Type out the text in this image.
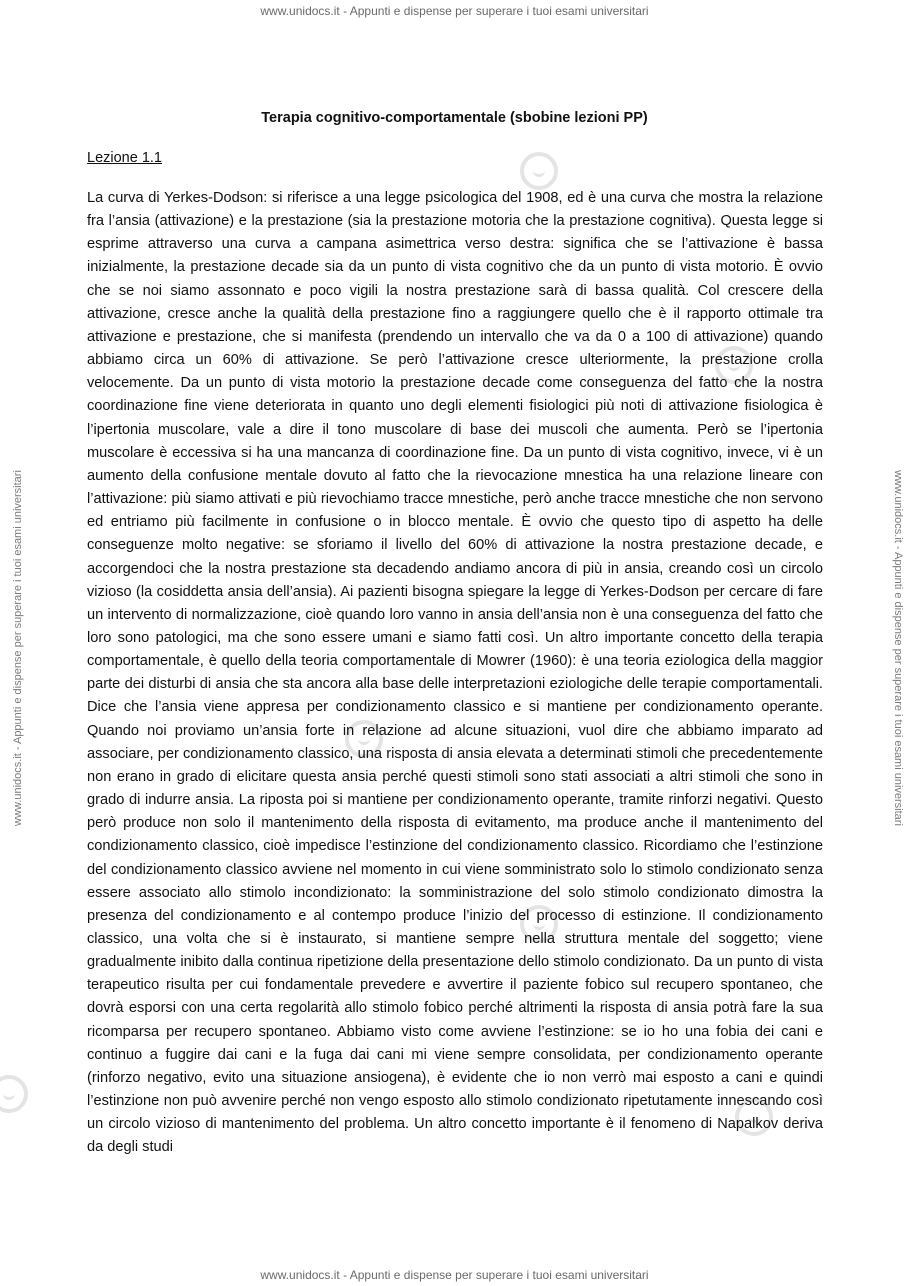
www.unidocs.it - Appunti e dispense per superare i tuoi esami universitari
www.unidocs.it - Appunti e dispense per superare i tuoi esami universitari	www.unidocs.it - Appunti e dispense per superare i tuoi esami universitari
Terapia cognitivo-comportamentale (sbobine lezioni PP)
Lezione 1.1

La curva di Yerkes-Dodson: si riferisce a una legge psicologica del 1908, ed è una curva che mostra la relazione fra l’ansia (attivazione) e la prestazione (sia la prestazione motoria che la prestazione cognitiva). Questa legge si esprime attraverso una curva a campana asimettrica verso destra: significa che se l’attivazione è bassa inizialmente, la prestazione decade sia da un punto di vista cognitivo che da un punto di vista motorio. È ovvio che se noi siamo assonnato e poco vigili la nostra prestazione sarà di bassa qualità. Col crescere della attivazione, cresce anche la qualità della prestazione fino a raggiungere quello che è il rapporto ottimale tra attivazione e prestazione, che si manifesta (prendendo un intervallo che va da 0 a 100 di attivazione) quando abbiamo circa un 60% di attivazione. Se però l’attivazione cresce ulteriormente, la prestazione crolla velocemente. Da un punto di vista motorio la prestazione decade come conseguenza del fatto che la nostra coordinazione fine viene deteriorata in quanto uno degli elementi fisiologici più noti di attivazione fisiologica è l’ipertonia muscolare, vale a dire il tono muscolare di base dei muscoli che aumenta. Però se l’ipertonia muscolare è eccessiva si ha una mancanza di coordinazione fine. Da un punto di vista cognitivo, invece, vi è un aumento della confusione mentale dovuto al fatto che la rievocazione mnestica ha una relazione lineare con l’attivazione: più siamo attivati e più rievochiamo tracce mnestiche, però anche tracce mnestiche che non servono ed entriamo più facilmente in confusione o in blocco mentale. È ovvio che questo tipo di aspetto ha delle conseguenze molto negative: se sforiamo il livello del 60% di attivazione la nostra prestazione decade, e accorgendoci che la nostra prestazione sta decadendo andiamo ancora di più in ansia, creando così un circolo vizioso (la cosiddetta ansia dell’ansia). Ai pazienti bisogna spiegare la legge di Yerkes-Dodson per cercare di fare un intervento di normalizzazione, cioè quando loro vanno in ansia dell’ansia non è una conseguenza del fatto che loro sono patologici, ma che sono essere umani e siamo fatti così. Un altro importante concetto della terapia comportamentale, è quello della teoria comportamentale di Mowrer (1960): è una teoria eziologica della maggior parte dei disturbi di ansia che sta ancora alla base delle interpretazioni eziologiche delle terapie comportamentali. Dice che l’ansia viene appresa per condizionamento classico e si mantiene per condizionamento operante. Quando noi proviamo un’ansia forte in relazione ad alcune situazioni, vuol dire che abbiamo imparato ad associare, per condizionamento classico, una risposta di ansia elevata a determinati stimoli che precedentemente non erano in grado di elicitare questa ansia perché questi stimoli sono stati associati a altri stimoli che sono in grado di indurre ansia. La riposta poi si mantiene per condizionamento operante, tramite rinforzi negativi. Questo però produce non solo il mantenimento della risposta di evitamento, ma produce anche il mantenimento del condizionamento classico, cioè impedisce l’estinzione del condizionamento classico. Ricordiamo che l’estinzione del condizionamento classico avviene nel momento in cui viene somministrato solo lo stimolo condizionato senza essere associato allo stimolo incondizionato: la somministrazione del solo stimolo condizionato dimostra la presenza del condizionamento e al contempo produce l’inizio del processo di estinzione. Il condizionamento classico, una volta che si è instaurato, si mantiene sempre nella struttura mentale del soggetto; viene gradualmente inibito dalla continua ripetizione della presentazione dello stimolo condizionato. Da un punto di vista terapeutico risulta per cui fondamentale prevedere e avvertire il paziente fobico sul recupero spontaneo, che dovrà esporsi con una certa regolarità allo stimolo fobico perché altrimenti la risposta di ansia potrà fare la sua ricomparsa per recupero spontaneo. Abbiamo visto come avviene l’estinzione: se io ho una fobia dei cani e continuo a fuggire dai cani e la fuga dai cani mi viene sempre consolidata, per condizionamento operante (rinforzo negativo, evito una situazione ansiogena), è evidente che io non verrò mai esposto a cani e quindi l’estinzione non può avvenire perché non vengo esposto allo stimolo condizionato ripetutamente innescando così un circolo vizioso di mantenimento del problema. Un altro concetto importante è il fenomeno di Napalkov deriva da degli studi

www.unidocs.it - Appunti e dispense per superare i tuoi esami universitari
